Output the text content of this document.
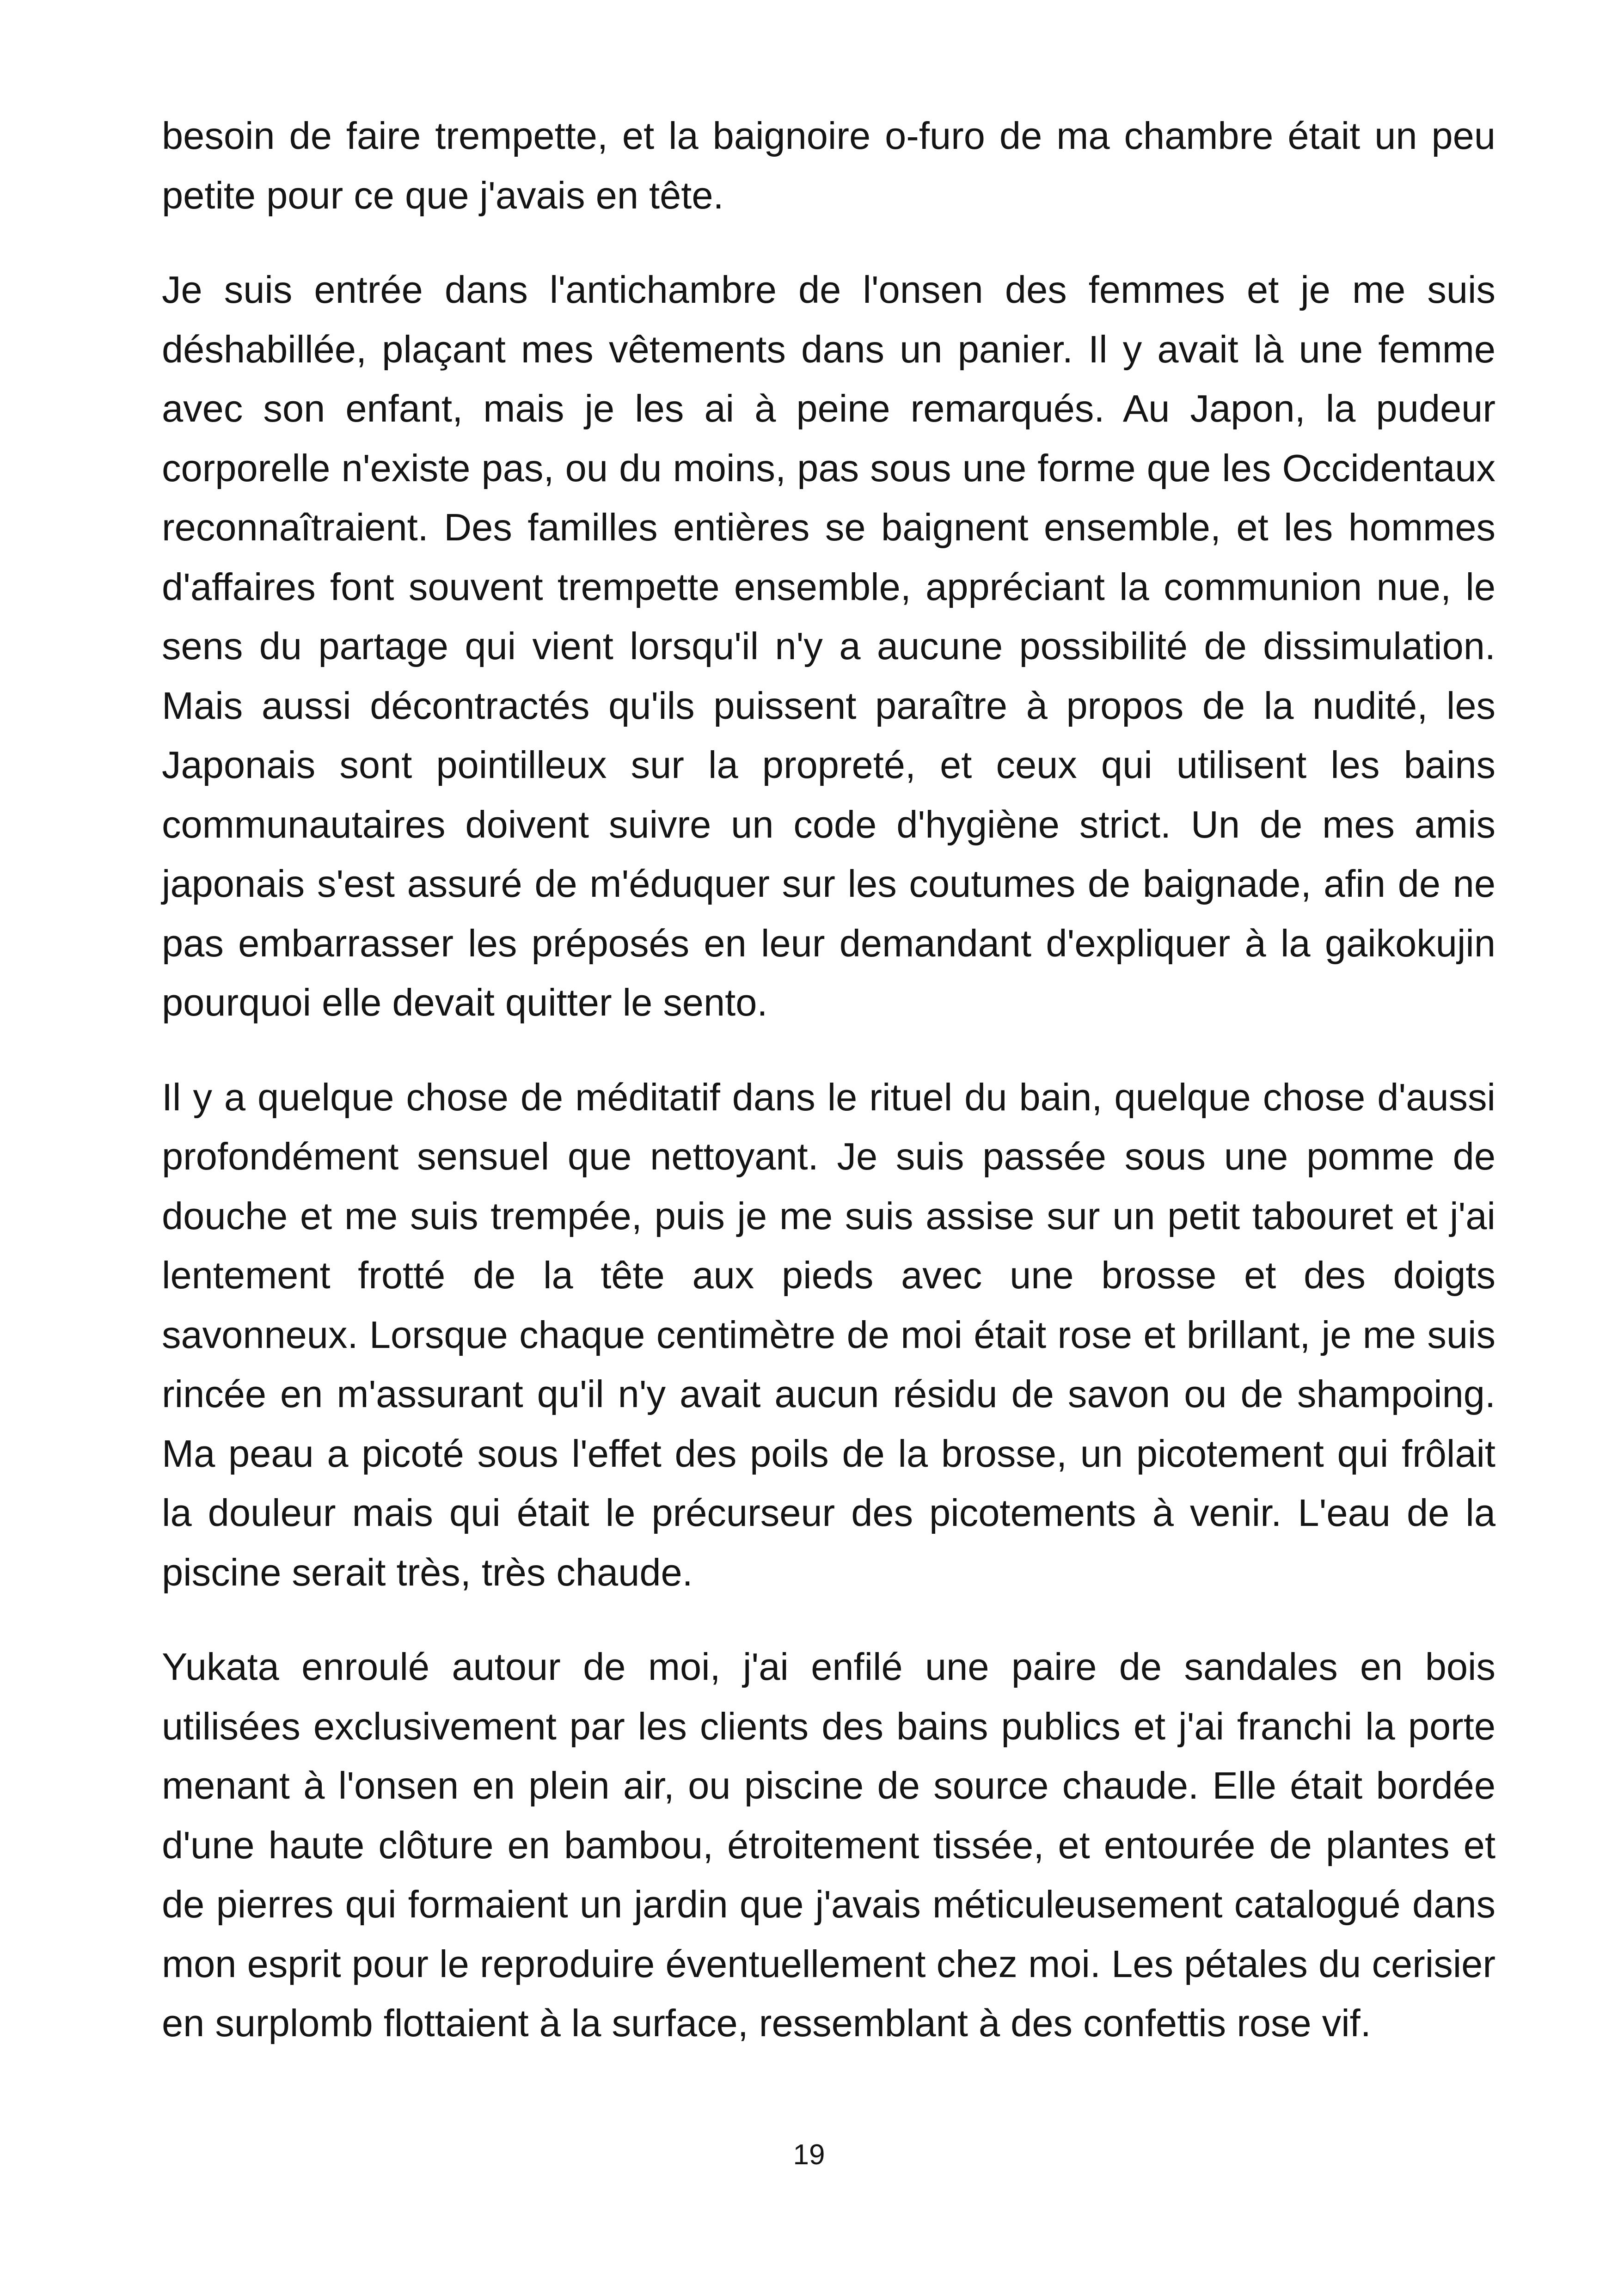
besoin de faire trempette, et la baignoire o-furo de ma chambre était un peu petite pour ce que j'avais en tête.

Je suis entrée dans l'antichambre de l'onsen des femmes et je me suis déshabillée, plaçant mes vêtements dans un panier. Il y avait là une femme avec son enfant, mais je les ai à peine remarqués. Au Japon, la pudeur corporelle n'existe pas, ou du moins, pas sous une forme que les Occidentaux reconnaîtraient. Des familles entières se baignent ensemble, et les hommes d'affaires font souvent trempette ensemble, appréciant la communion nue, le sens du partage qui vient lorsqu'il n'y a aucune possibilité de dissimulation. Mais aussi décontractés qu'ils puissent paraître à propos de la nudité, les Japonais sont pointilleux sur la propreté, et ceux qui utilisent les bains communautaires doivent suivre un code d'hygiène strict. Un de mes amis japonais s'est assuré de m'éduquer sur les coutumes de baignade, afin de ne pas embarrasser les préposés en leur demandant d'expliquer à la gaikokujin pourquoi elle devait quitter le sento.

Il y a quelque chose de méditatif dans le rituel du bain, quelque chose d'aussi profondément sensuel que nettoyant. Je suis passée sous une pomme de douche et me suis trempée, puis je me suis assise sur un petit tabouret et j'ai lentement frotté de la tête aux pieds avec une brosse et des doigts savonneux. Lorsque chaque centimètre de moi était rose et brillant, je me suis rincée en m'assurant qu'il n'y avait aucun résidu de savon ou de shampoing. Ma peau a picoté sous l'effet des poils de la brosse, un picotement qui frôlait la douleur mais qui était le précurseur des picotements à venir. L'eau de la piscine serait très, très chaude.

Yukata enroulé autour de moi, j'ai enfilé une paire de sandales en bois utilisées exclusivement par les clients des bains publics et j'ai franchi la porte menant à l'onsen en plein air, ou piscine de source chaude. Elle était bordée d'une haute clôture en bambou, étroitement tissée, et entourée de plantes et de pierres qui formaient un jardin que j'avais méticuleusement catalogué dans mon esprit pour le reproduire éventuellement chez moi. Les pétales du cerisier en surplomb flottaient à la surface, ressemblant à des confettis rose vif.

19
